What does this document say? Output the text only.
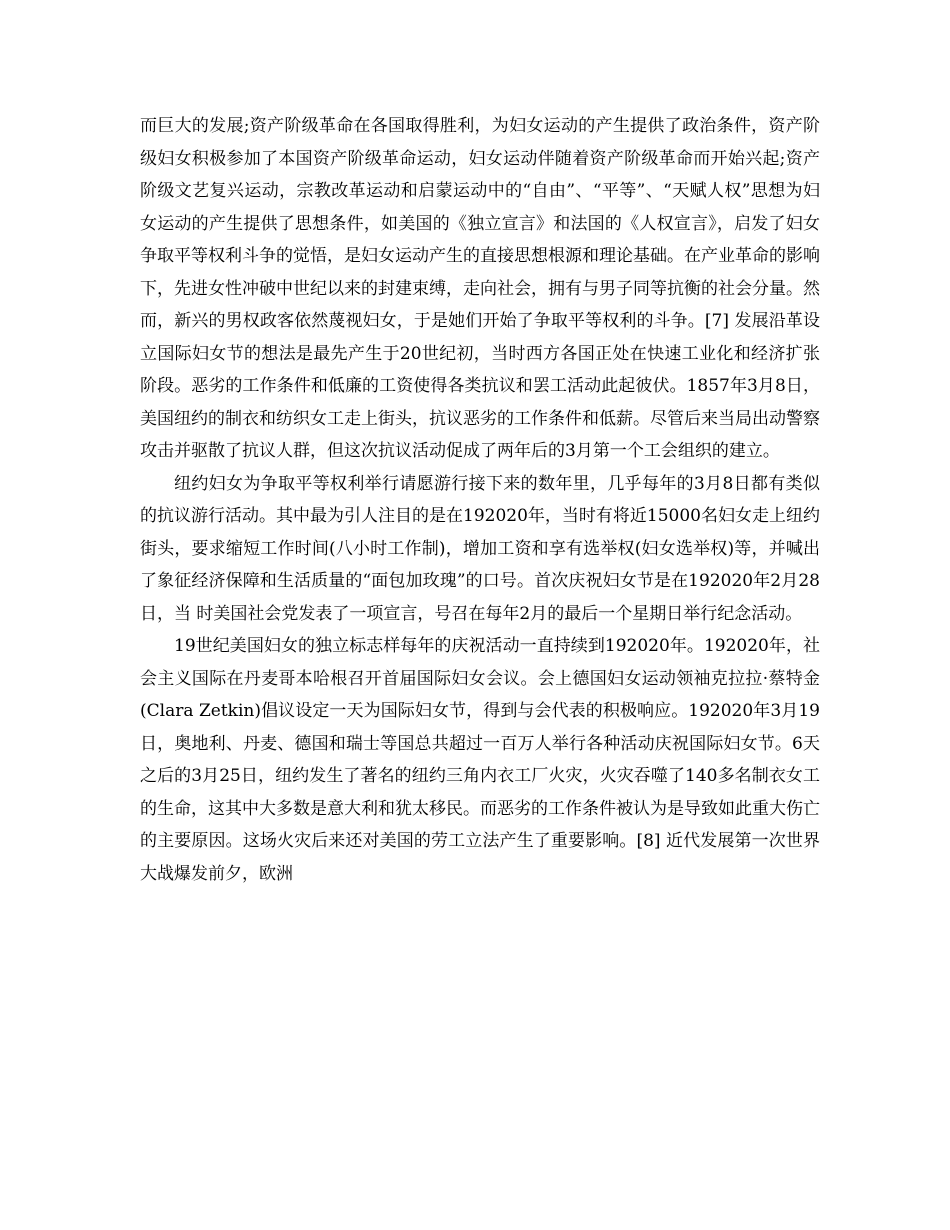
而巨大的发展;资产阶级革命在各国取得胜利，为妇女运动的产生提供了政治条件，资产阶级妇女积极参加了本国资产阶级革命运动，妇女运动伴随着资产阶级革命而开始兴起;资产阶级文艺复兴运动，宗教改革运动和启蒙运动中的“自由”、“平等”、“天赋人权”思想为妇女运动的产生提供了思想条件，如美国的《独立宣言》和法国的《人权宣言》，启发了妇女争取平等权利斗争的觉悟，是妇女运动产生的直接思想根源和理论基础。在产业革命的影响下，先进女性冲破中世纪以来的封建束缚，走向社会，拥有与男子同等抗衡的社会分量。然而，新兴的男权政客依然蔑视妇女，于是她们开始了争取平等权利的斗争。[7] 发展沿革设立国际妇女节的想法是最先产生于20世纪初，当时西方各国正处在快速工业化和经济扩张阶段。恶劣的工作条件和低廉的工资使得各类抗议和罢工活动此起彼伏。1857年3月8日，美国纽约的制衣和纺织女工走上街头，抗议恶劣的工作条件和低薪。尽管后来当局出动警察攻击并驱散了抗议人群，但这次抗议活动促成了两年后的3月第一个工会组织的建立。

纽约妇女为争取平等权利举行请愿游行接下来的数年里，几乎每年的3月8日都有类似的抗议游行活动。其中最为引人注目的是在192020年，当时有将近15000名妇女走上纽约街头，要求缩短工作时间(八小时工作制)，增加工资和享有选举权(妇女选举权)等，并喊出了象征经济保障和生活质量的“面包加玫瑰”的口号。首次庆祝妇女节是在192020年2月28日，当 时美国社会党发表了一项宣言，号召在每年2月的最后一个星期日举行纪念活动。

19世纪美国妇女的独立标志样每年的庆祝活动一直持续到192020年。192020年，社会主义国际在丹麦哥本哈根召开首届国际妇女会议。会上德国妇女运动领袖克拉拉·蔡特金(Clara Zetkin)倡议设定一天为国际妇女节，得到与会代表的积极响应。192020年3月19日，奥地利、丹麦、德国和瑞士等国总共超过一百万人举行各种活动庆祝国际妇女节。6天之后的3月25日，纽约发生了著名的纽约三角内衣工厂火灾，火灾吞噬了140多名制衣女工的生命，这其中大多数是意大利和犹太移民。而恶劣的工作条件被认为是导致如此重大伤亡的主要原因。这场火灾后来还对美国的劳工立法产生了重要影响。[8] 近代发展第一次世界大战爆发前夕，欧洲
